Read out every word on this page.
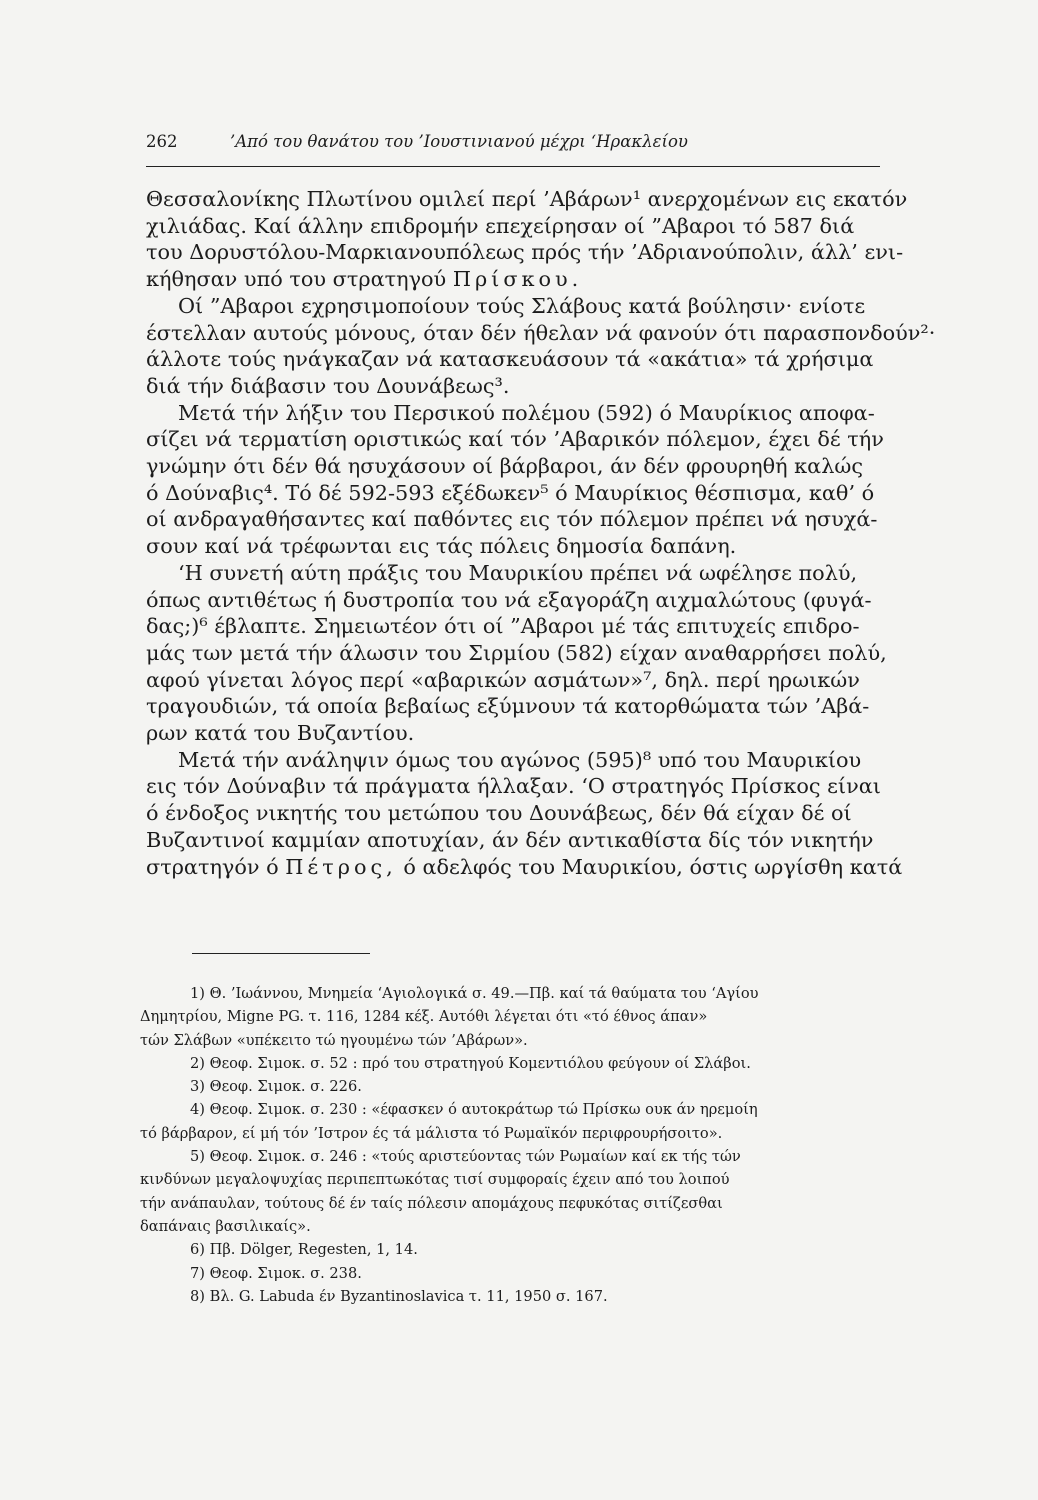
262	’Από του θανάτου του ’Ιουστινιανού μέχρι ‘Ηρακλείου

Θεσσαλονίκης Πλωτίνου ομιλεί περί ’Αβάρων¹ ανερχομένων εις εκατόν
χιλιάδας. Καί άλλην επιδρομήν επεχείρησαν οί ”Αβαροι τό 587 διά
του Δορυστόλου-Μαρκιανουπόλεως πρός τήν ’Αδριανούπολιν, άλλ’ ενι-
κήθησαν υπό του στρατηγού Πρίσκου.

Οί ”Αβαροι εχρησιμοποίουν τούς Σλάβους κατά βούλησιν· ενίοτε
έστελλαν αυτούς μόνους, όταν δέν ήθελαν νά φανούν ότι παρασπονδούν²·
άλλοτε τούς ηνάγκαζαν νά κατασκευάσουν τά «ακάτια» τά χρήσιμα
διά τήν διάβασιν του Δουνάβεως³.

Μετά τήν λήξιν του Περσικού πολέμου (592) ό Μαυρίκιος αποφα-
σίζει νά τερματίση οριστικώς καί τόν ’Αβαρικόν πόλεμον, έχει δέ τήν
γνώμην ότι δέν θά ησυχάσουν οί βάρβαροι, άν δέν φρουρηθή καλώς
ό Δούναβις⁴. Τό δέ 592-593 εξέδωκεν⁵ ό Μαυρίκιος θέσπισμα, καθ’ ό
οί ανδραγαθήσαντες καί παθόντες εις τόν πόλεμον πρέπει νά ησυχά-
σουν καί νά τρέφωνται εις τάς πόλεις δημοσία δαπάνη.

‘Η συνετή αύτη πράξις του Μαυρικίου πρέπει νά ωφέλησε πολύ,
όπως αντιθέτως ή δυστροπία του νά εξαγοράζη αιχμαλώτους (φυγά-
δας;)⁶ έβλαπτε. Σημειωτέον ότι οί ”Αβαροι μέ τάς επιτυχείς επιδρο-
μάς των μετά τήν άλωσιν του Σιρμίου (582) είχαν αναθαρρήσει πολύ,
αφού γίνεται λόγος περί «αβαρικών ασμάτων»⁷, δηλ. περί ηρωικών
τραγουδιών, τά οποία βεβαίως εξύμνουν τά κατορθώματα τών ’Αβά-
ρων κατά του Βυζαντίου.

Μετά τήν ανάληψιν όμως του αγώνος (595)⁸ υπό του Μαυρικίου
εις τόν Δούναβιν τά πράγματα ήλλαξαν. ‘Ο στρατηγός Πρίσκος είναι
ό ένδοξος νικητής του μετώπου του Δουνάβεως, δέν θά είχαν δέ οί
Βυζαντινοί καμμίαν αποτυχίαν, άν δέν αντικαθίστα δίς τόν νικητήν
στρατηγόν ό Πέτρος, ό αδελφός του Μαυρικίου, όστις ωργίσθη κατά

1) Θ. ’Ιωάννου, Μνημεία ‘Αγιολογικά σ. 49.—Πβ. καί τά θαύματα του ‘Αγίου
Δημητρίου, Migne PG. τ. 116, 1284 κέξ. Αυτόθι λέγεται ότι «τό έθνος άπαν»
τών Σλάβων «υπέκειτο τώ ηγουμένω τών ’Αβάρων».

2) Θεοφ. Σιμοκ. σ. 52 : πρό του στρατηγού Κομεντιόλου φεύγουν οί Σλάβοι.

3) Θεοφ. Σιμοκ. σ. 226.

4) Θεοφ. Σιμοκ. σ. 230 : «έφασκεν ό αυτοκράτωρ τώ Πρίσκω ουκ άν ηρεμοίη
τό βάρβαρον, εί μή τόν ’Ιστρον ές τά μάλιστα τό Ρωμαϊκόν περιφρουρήσοιτο».

5) Θεοφ. Σιμοκ. σ. 246 : «τούς αριστεύοντας τών Ρωμαίων καί εκ τής τών
κινδύνων μεγαλοψυχίας περιπεπτωκότας τισί συμφοραίς έχειν από του λοιπού
τήν ανάπαυλαν, τούτους δέ έν ταίς πόλεσιν απομάχους πεφυκότας σιτίζεσθαι
δαπάναις βασιλικαίς».

6) Πβ. Dölger, Regesten, 1, 14.

7) Θεοφ. Σιμοκ. σ. 238.

8) Βλ. G. Labuda έν Byzantinoslavica τ. 11, 1950 σ. 167.
